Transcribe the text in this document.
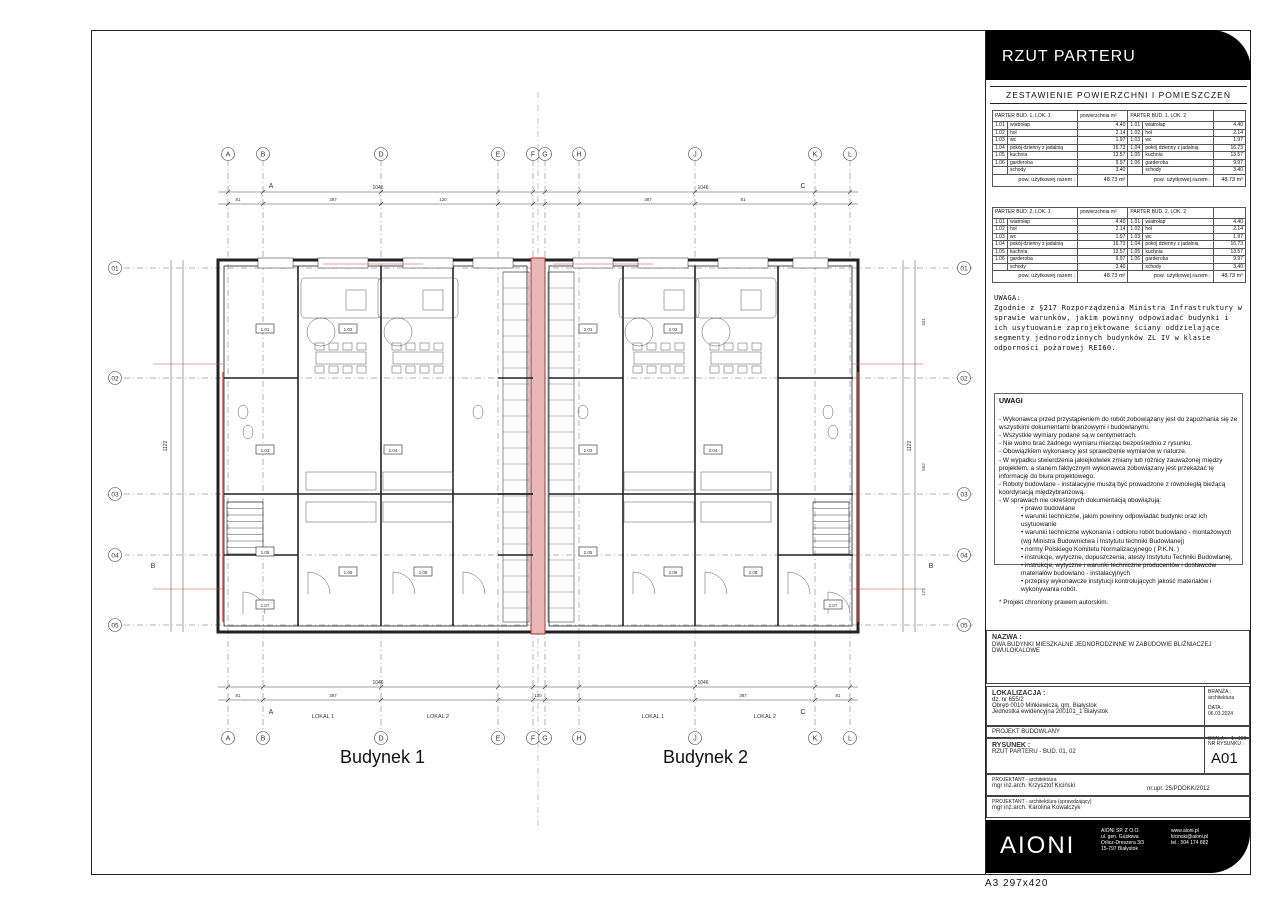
A
A
B
B
D
D
E
E
F
F
G
G
H
H
J
J
K
K
L
L
01	01
02	02
03	03
04	04
05	05
1046	1046
1046	1046
81	387	120	387	81
81	387	120	387	81
1122	1122
341
552
173
1.01	1.02
1.03	1.04
1.05
1.06
1.07
1.08
2.01	2.02
2.03	2.04
2.05
2.06
2.07
2.08
LOKAL 1	LOKAL 2	LOKAL 1	LOKAL 2
A
A
B	B
C
C
Budynek 1	Budynek 2
RZUT PARTERU
ZESTAWIENIE POWIERZCHNI I POMIESZCZEŃ
PARTER BUD. 1, LOK. 1		powierzchnia m²	PARTER BUD. 1, LOK. 2		
1.01	wiatrołap	4.40	1.01	wiatrołap	4.40
1.02	hol	2.14	1.02	hol	2.14
1.03	wc	1.97	1.03	wc	1.97
1.04	pokój dzienny z jadalnią	16.73	1.04	pokój dzienny z jadalnią	16.73
1.05	kuchnia	13.57	1.05	kuchnia	13.57
1.06	garderoba	9.97	1.06	garderoba	9.97
	schody	3.40		schody	3.40
pow. użytkowej razem :		48.73 m²	pow. użytkowej razem :		48.73 m²
PARTER BUD. 2, LOK. 1		powierzchnia m²	PARTER BUD. 2, LOK. 2		
1.01	wiatrołap	4.40	1.01	wiatrołap	4.40
1.02	hol	2.14	1.02	hol	2.14
1.03	wc	1.97	1.03	wc	1.97
1.04	pokój dzienny z jadalnią	16.73	1.04	pokój dzienny z jadalnią	16.73
1.05	kuchnia	13.57	1.05	kuchnia	13.57
1.06	garderoba	9.97	1.06	garderoba	9.97
	schody	3.40		schody	3.40
pow. użytkowej razem :		48.73 m²	pow. użytkowej razem :		48.73 m²
UWAGA:
Zgodnie z §217 Rozporządzenia Ministra Infrastruktury w sprawie warunków, jakim powinny odpowiadać budynki i ich usytuowanie zaprojektowane ściany oddzielające segmenty jednorodzinnych budynków ZL IV w klasie odporności pożarowej REI60.
UWAGI
- Wykonawca przed przystąpieniem do robót zobowiązany jest do zapoznania się ze wszystkimi dokumentami branżowymi i budowlanymi.
- Wszystkie wymiary podane są w centymetrach.
- Nie wolno brać żadnego wymiaru mierząc bezpośrednio z rysunku.
- Obowiązkiem wykonawcy jest sprawdzenie wymiarów w naturze.
- W wypadku stwierdzenia jakiejkolwiek zmiany lub różnicy zauważonej między projektem, a stanem faktycznym wykonawca zobowiązany jest przekazać tę informację do biura projektowego.
- Roboty budowlane - instalacyjne muszą być prowadzone z równoległą bieżącą koordynacją międzybranżową.
- W sprawach nie określonych dokumentacją obowiązują:
• prawo budowlane
• warunki techniczne, jakim powinny odpowiadać budynki oraz ich usytuowanie
• warunki techniczne wykonania i odbioru robót budowlano - montażowych (wg Ministra Budownictwa i Instytutu techniki Budowlanej)
• normy Polskiego Komitetu Normalizacyjnego ( P.K.N. )
• instrukcje, wytyczne, dopuszczenia, atesty Instytutu Techniki Budowlanej,
• instrukcje, wytyczne i warunki techniczne producentów i dostawców materiałów budowlano - instalacyjnych
• przepisy wykonawcze instytucji kontrolujących jakość materiałów i wykonywania robót.
* Projekt chroniony prawem autorskim.
NAZWA :
DWA BUDYNKI MIESZKALNE JEDNORODZINNE W ZABUDOWIE BLIŹNIACZEJ DWULOKALOWE
LOKALIZACJA :
dz. nr 655/2
Obręb 0010 Mińkiewicza, gm. Białystok
Jednostka ewidencyjna 200101_1 Białystok
BRANŻA :
architektura
DATA :
06.03.2024
PROJEKT BUDOWLANY
SKALA : 1 : 100
RYSUNEK :
RZUT PARTERU - BUD. 01, 02
NR RYSUNKU :
A01
PROJEKTANT - architekt/ura
mgr inż.arch. Krzysztof Kiciński	nr.upr. 25/PDOKK/2012
PROJEKTANT - architekt/ura (sprawdzający)
mgr inż.arch. Karolina Kowalczyk
AIONI
AIONI SP. Z O.O.
ul. gen. Gustowa
Orlicz-Dreszera 3/3
15-797 Białystok
www.aioni.pl
kicinski@aioni.pl
tel.: 504 174 882
A3 297x420
